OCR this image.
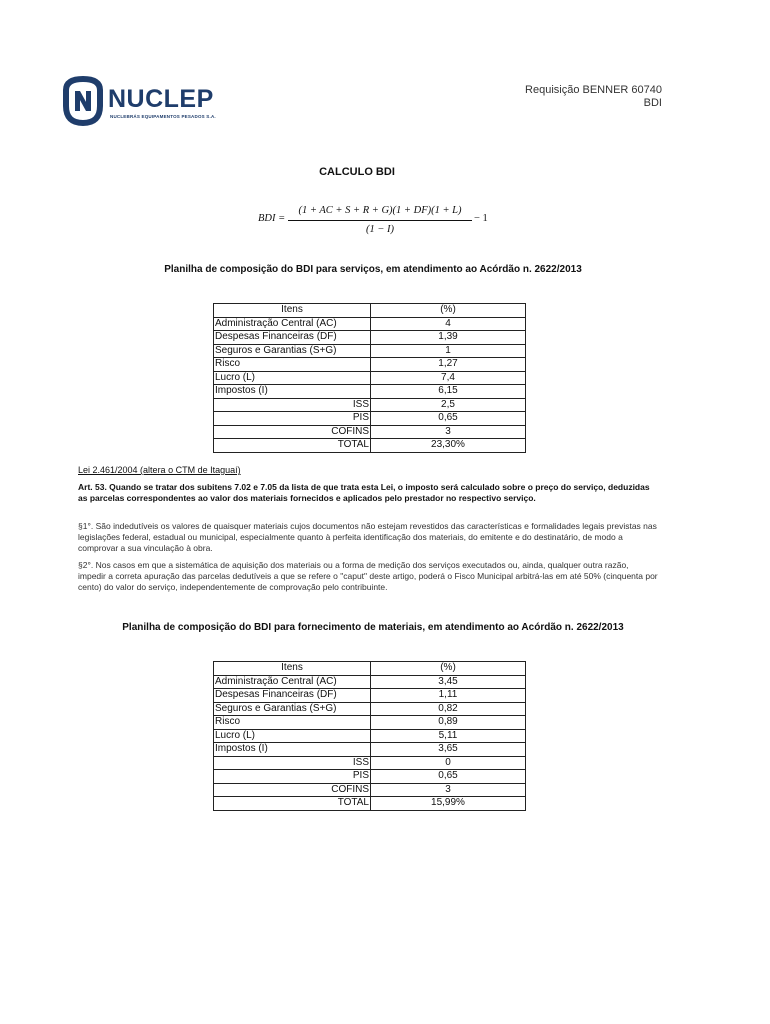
NUCLEP
NUCLEBRÁS EQUIPAMENTOS PESADOS S.A.
Requisição BENNER 60740
BDI
CALCULO BDI
BDI =
(1 + AC + S + R + G)(1 + DF)(1 + L)
(1 − I)
− 1
Planilha de composição do BDI para serviços, em atendimento ao Acórdão n. 2622/2013
Itens	(%)
Administração Central (AC)	4
Despesas Financeiras (DF)	1,39
Seguros e Garantias (S+G)	1
Risco	1,27
Lucro (L)	7,4
Impostos (I)	6,15
ISS	2,5
PIS	0,65
COFINS	3
TOTAL	23,30%
Lei 2.461/2004 (altera o CTM de Itaguaí)
Art. 53. Quando se tratar dos subitens 7.02 e 7.05 da lista de que trata esta Lei, o imposto será calculado sobre o preço do serviço, deduzidas as parcelas correspondentes ao valor dos materiais fornecidos e aplicados pelo prestador no respectivo serviço.
§1°. São indedutíveis os valores de quaisquer materiais cujos documentos não estejam revestidos das características e formalidades legais previstas nas legislações federal, estadual ou municipal, especialmente quanto à perfeita identificação dos materiais, do emitente e do destinatário, de modo a comprovar a sua vinculação à obra.
§2°. Nos casos em que a sistemática de aquisição dos materiais ou a forma de medição dos serviços executados ou, ainda, qualquer outra razão, impedir a correta apuração das parcelas dedutíveis a que se refere o "caput" deste artigo, poderá o Fisco Municipal arbitrá-las em até 50% (cinquenta por cento) do valor do serviço, independentemente de comprovação pelo contribuinte.
Planilha de composição do BDI para fornecimento de materiais, em atendimento ao Acórdão n. 2622/2013
Itens	(%)
Administração Central (AC)	3,45
Despesas Financeiras (DF)	1,11
Seguros e Garantias (S+G)	0,82
Risco	0,89
Lucro (L)	5,11
Impostos (I)	3,65
ISS	0
PIS	0,65
COFINS	3
TOTAL	15,99%
